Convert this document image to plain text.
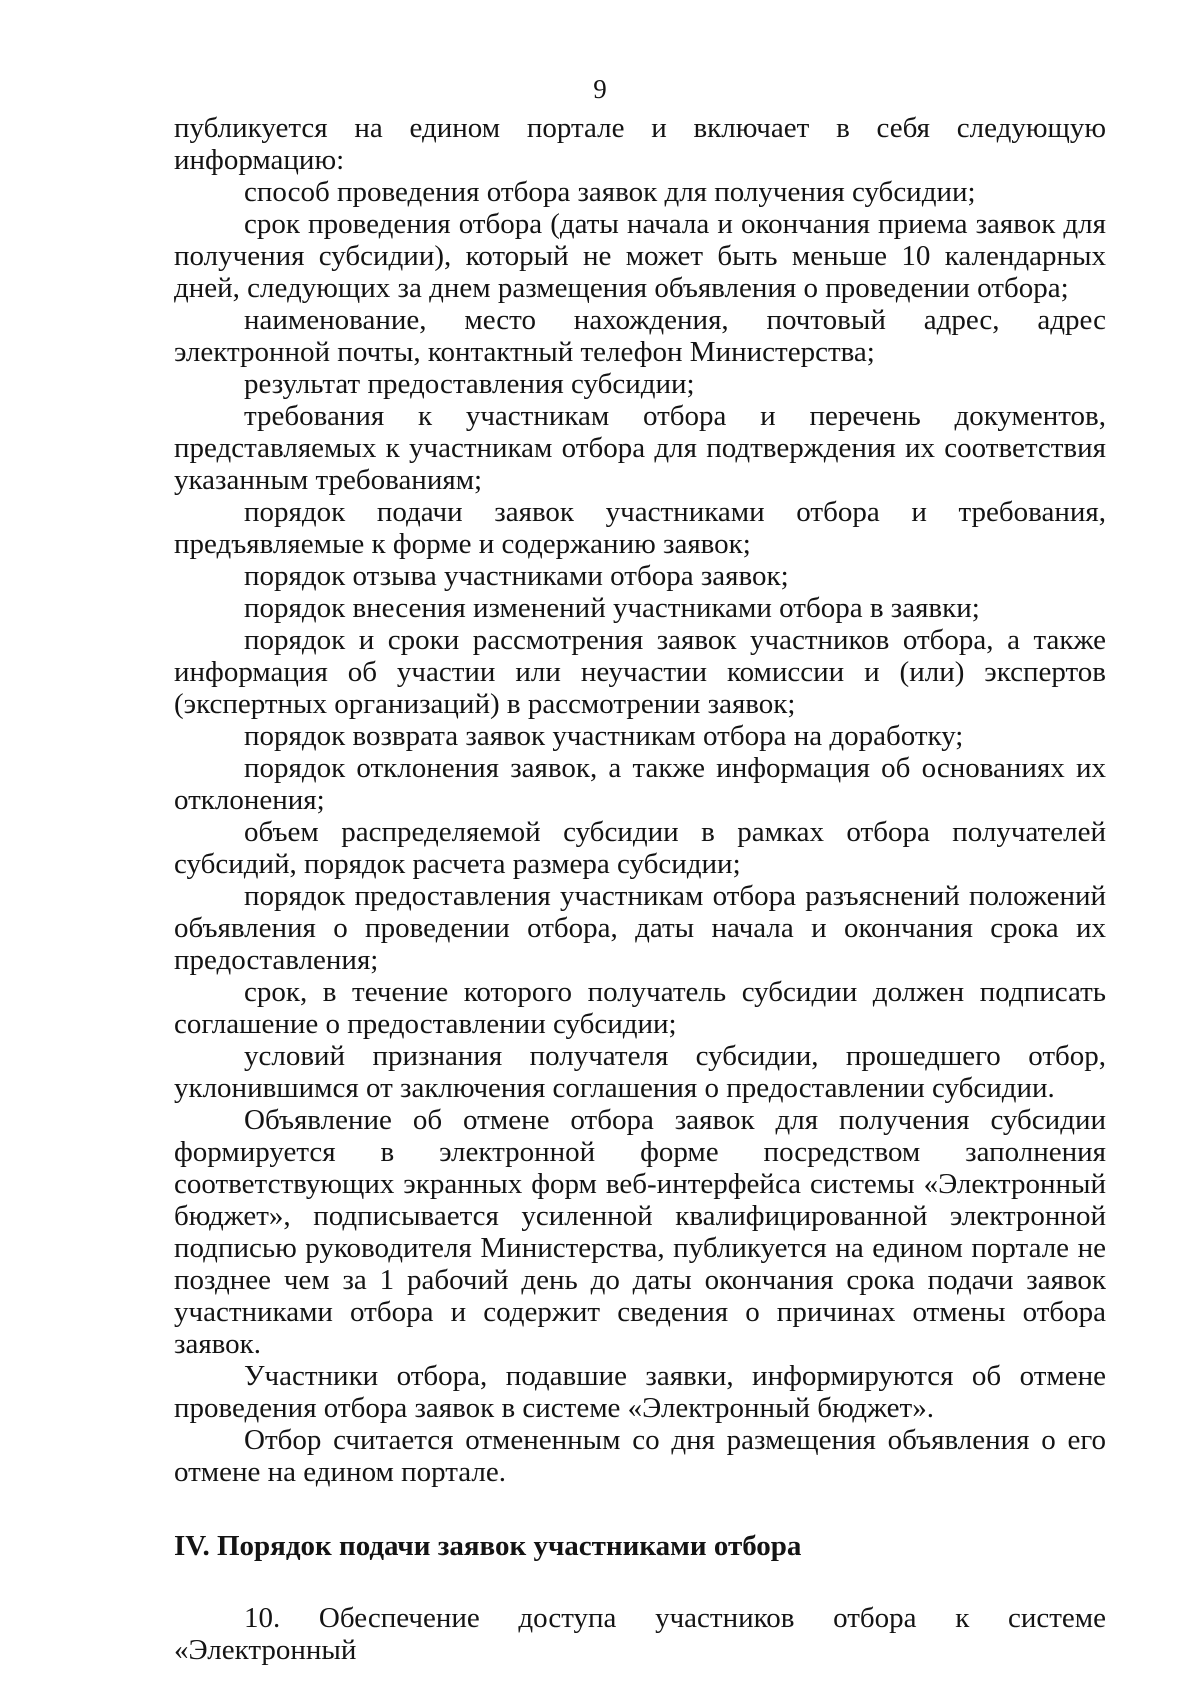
9

публикуется на едином портале и включает в себя следующую информацию:

способ проведения отбора заявок для получения субсидии;

срок проведения отбора (даты начала и окончания приема заявок для получения субсидии), который не может быть меньше 10 календарных дней, следующих за днем размещения объявления о проведении отбора;

наименование, место нахождения, почтовый адрес, адрес электронной почты, контактный телефон Министерства;

результат предоставления субсидии;

требования к участникам отбора и перечень документов, представляемых к участникам отбора для подтверждения их соответствия указанным требованиям;

порядок подачи заявок участниками отбора и требования, предъявляемые к форме и содержанию заявок;

порядок отзыва участниками отбора заявок;

порядок внесения изменений участниками отбора в заявки;

порядок и сроки рассмотрения заявок участников отбора, а также информация об участии или неучастии комиссии и (или) экспертов (экспертных организаций) в рассмотрении заявок;

порядок возврата заявок участникам отбора на доработку;

порядок отклонения заявок, а также информация об основаниях их отклонения;

объем распределяемой субсидии в рамках отбора получателей субсидий, порядок расчета размера субсидии;

порядок предоставления участникам отбора разъяснений положений объявления о проведении отбора, даты начала и окончания срока их предоставления;

срок, в течение которого получатель субсидии должен подписать соглашение о предоставлении субсидии;

условий признания получателя субсидии, прошедшего отбор, уклонившимся от заключения соглашения о предоставлении субсидии.

Объявление об отмене отбора заявок для получения субсидии формируется в электронной форме посредством заполнения соответствующих экранных форм веб-интерфейса системы «Электронный бюджет», подписывается усиленной квалифицированной электронной подписью руководителя Министерства, публикуется на едином портале не позднее чем за 1 рабочий день до даты окончания срока подачи заявок участниками отбора и содержит сведения о причинах отмены отбора заявок.

Участники отбора, подавшие заявки, информируются об отмене проведения отбора заявок в системе «Электронный бюджет».

Отбор считается отмененным со дня размещения объявления о его отмене на едином портале.

IV. Порядок подачи заявок участниками отбора

10. Обеспечение доступа участников отбора к системе «Электронный
